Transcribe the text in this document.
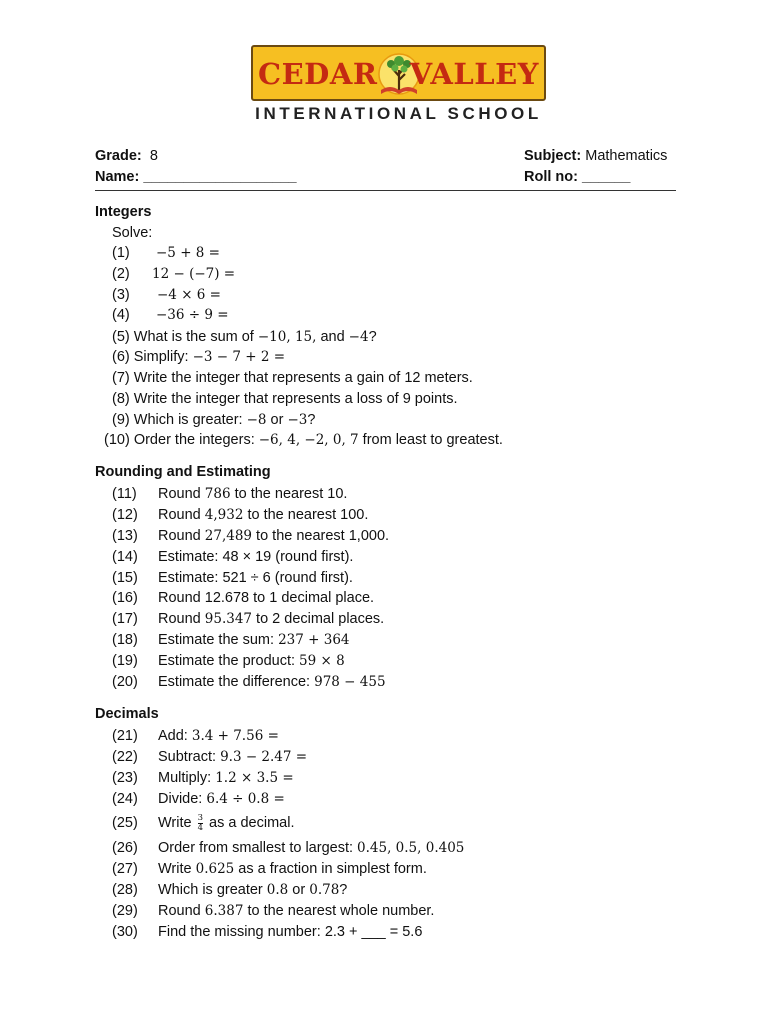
CEDAR VALLEY
INTERNATIONAL SCHOOL
Grade: 8
Name: ___________________
Subject: Mathematics
Roll no: ______
Integers
Solve:
(1) −5 + 8 =
(2) 12 − (−7) =
(3) −4 × 6 =
(4) −36 ÷ 9 =
(5) What is the sum of −10, 15, and −4?
(6) Simplify: −3 − 7 + 2 =
(7) Write the integer that represents a gain of 12 meters.
(8) Write the integer that represents a loss of 9 points.
(9) Which is greater: −8 or −3?
(10) Order the integers: −6, 4, −2, 0, 7 from least to greatest.
Rounding and Estimating
(11) Round 786 to the nearest 10.
(12) Round 4,932 to the nearest 100.
(13) Round 27,489 to the nearest 1,000.
(14) Estimate: 48 × 19 (round first).
(15) Estimate: 521 ÷ 6 (round first).
(16) Round 12.678 to 1 decimal place.
(17) Round 95.347 to 2 decimal places.
(18) Estimate the sum: 237 + 364
(19) Estimate the product: 59 × 8
(20) Estimate the difference: 978 − 455
Decimals
(21) Add: 3.4 + 7.56 =
(22) Subtract: 9.3 − 2.47 =
(23) Multiply: 1.2 × 3.5 =
(24) Divide: 6.4 ÷ 0.8 =
(25) Write $\frac{3}{4}$ as a decimal.
(26) Order from smallest to largest: 0.45, 0.5, 0.405
(27) Write 0.625 as a fraction in simplest form.
(28) Which is greater 0.8 or 0.78?
(29) Round 6.387 to the nearest whole number.
(30) Find the missing number: 2.3 + ___ = 5.6
